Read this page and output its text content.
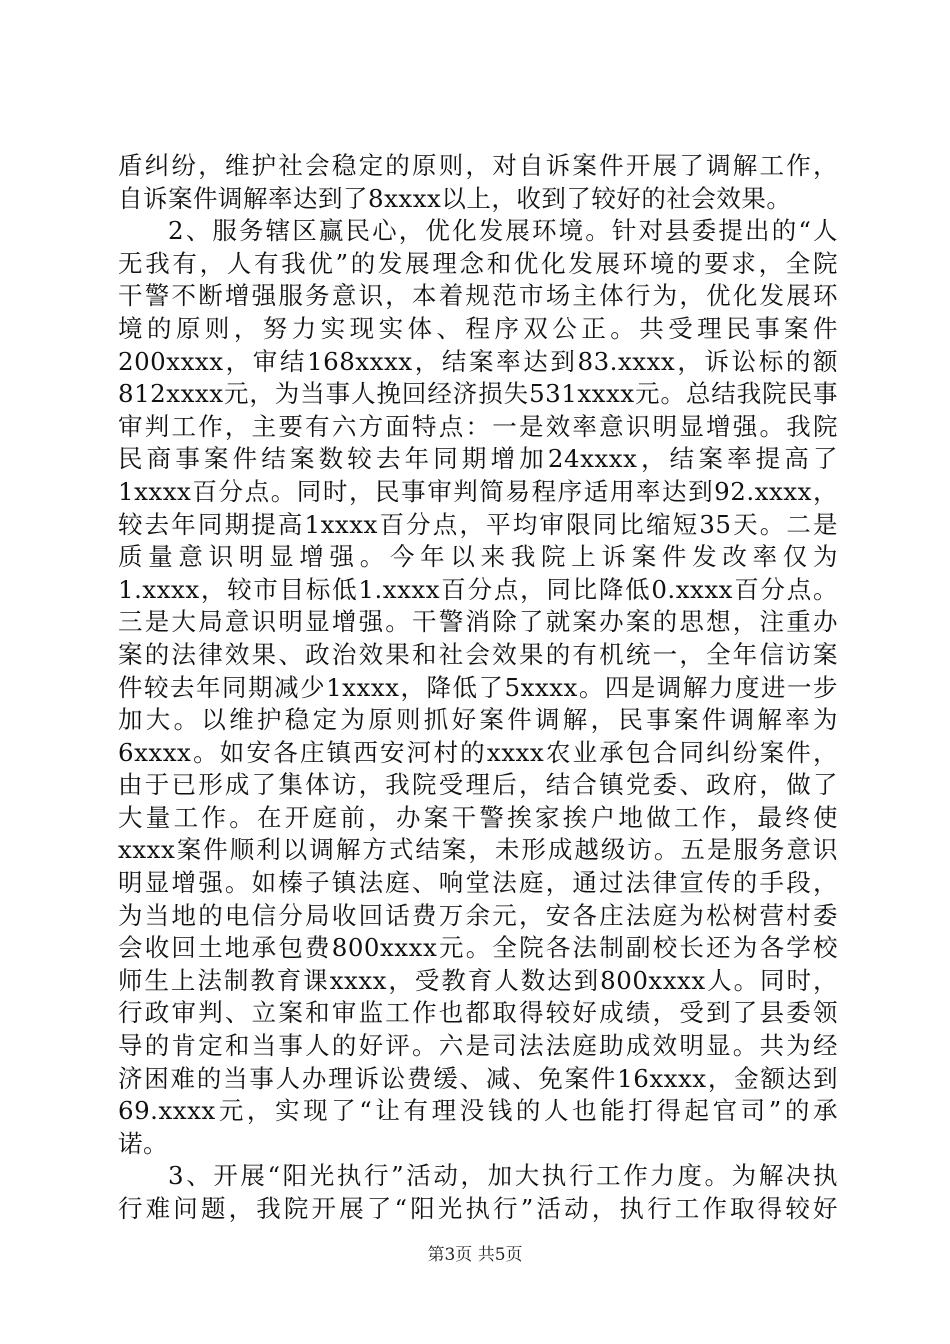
盾纠纷，维护社会稳定的原则，对自诉案件开展了调解工作，
自诉案件调解率达到了8xxxx以上，收到了较好的社会效果。
2、服务辖区赢民心，优化发展环境。针对县委提出的“人
无我有，人有我优”的发展理念和优化发展环境的要求，全院
干警不断增强服务意识，本着规范市场主体行为，优化发展环
境的原则，努力实现实体、程序双公正。共受理民事案件
200xxxx，审结168xxxx，结案率达到83.xxxx，诉讼标的额
812xxxx元，为当事人挽回经济损失531xxxx元。总结我院民事
审判工作，主要有六方面特点：一是效率意识明显增强。我院
民商事案件结案数较去年同期增加24xxxx，结案率提高了
1xxxx百分点。同时，民事审判简易程序适用率达到92.xxxx，
较去年同期提高1xxxx百分点，平均审限同比缩短35天。二是
质量意识明显增强。今年以来我院上诉案件发改率仅为
1.xxxx，较市目标低1.xxxx百分点，同比降低0.xxxx百分点。
三是大局意识明显增强。干警消除了就案办案的思想，注重办
案的法律效果、政治效果和社会效果的有机统一，全年信访案
件较去年同期减少1xxxx，降低了5xxxx。四是调解力度进一步
加大。以维护稳定为原则抓好案件调解，民事案件调解率为
6xxxx。如安各庄镇西安河村的xxxx农业承包合同纠纷案件，
由于已形成了集体访，我院受理后，结合镇党委、政府，做了
大量工作。在开庭前，办案干警挨家挨户地做工作，最终使
xxxx案件顺利以调解方式结案，未形成越级访。五是服务意识
明显增强。如榛子镇法庭、响堂法庭，通过法律宣传的手段，
为当地的电信分局收回话费万余元，安各庄法庭为松树营村委
会收回土地承包费800xxxx元。全院各法制副校长还为各学校
师生上法制教育课xxxx，受教育人数达到800xxxx人。同时，
行政审判、立案和审监工作也都取得较好成绩，受到了县委领
导的肯定和当事人的好评。六是司法法庭助成效明显。共为经
济困难的当事人办理诉讼费缓、减、免案件16xxxx，金额达到
69.xxxx元，实现了“让有理没钱的人也能打得起官司”的承
诺。
3、开展“阳光执行”活动，加大执行工作力度。为解决执
行难问题，我院开展了“阳光执行”活动，执行工作取得较好
第3页 共5页
